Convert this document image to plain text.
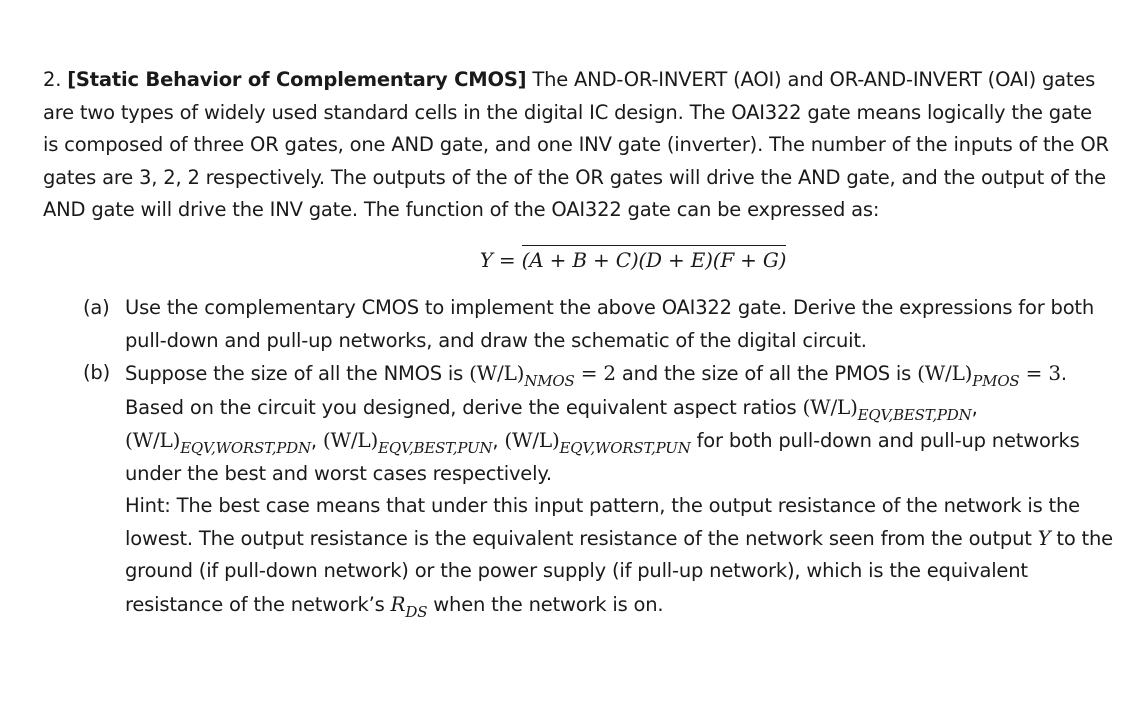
2. [Static Behavior of Complementary CMOS] The AND-OR-INVERT (AOI) and OR-AND-INVERT (OAI) gates are two types of widely used standard cells in the digital IC design. The OAI322 gate means logically the gate is composed of three OR gates, one AND gate, and one INV gate (inverter). The number of the inputs of the OR gates are 3, 2, 2 respectively. The outputs of the of the OR gates will drive the AND gate, and the output of the AND gate will drive the INV gate. The function of the OAI322 gate can be expressed as:

Y = (A + B + C)(D + E)(F + G)
(a) Use the complementary CMOS to implement the above OAI322 gate. Derive the expressions for both pull-down and pull-up networks, and draw the schematic of the digital circuit.
(b) Suppose the size of all the NMOS is $(W/L)_{NMOS} = 2$ and the size of all the PMOS is $(W/L)_{PMOS} = 3$. Based on the circuit you designed, derive the equivalent aspect ratios $(W/L)_{EQV,BEST,PDN}$, $(W/L)_{EQV,WORST,PDN}$, $(W/L)_{EQV,BEST,PUN}$, $(W/L)_{EQV,WORST,PUN}$ for both pull-down and pull-up networks under the best and worst cases respectively.
Hint: The best case means that under this input pattern, the output resistance of the network is the lowest. The output resistance is the equivalent resistance of the network seen from the output Y to the ground (if pull-down network) or the power supply (if pull-up network), which is the equivalent resistance of the network’s $R_{DS}$ when the network is on.
